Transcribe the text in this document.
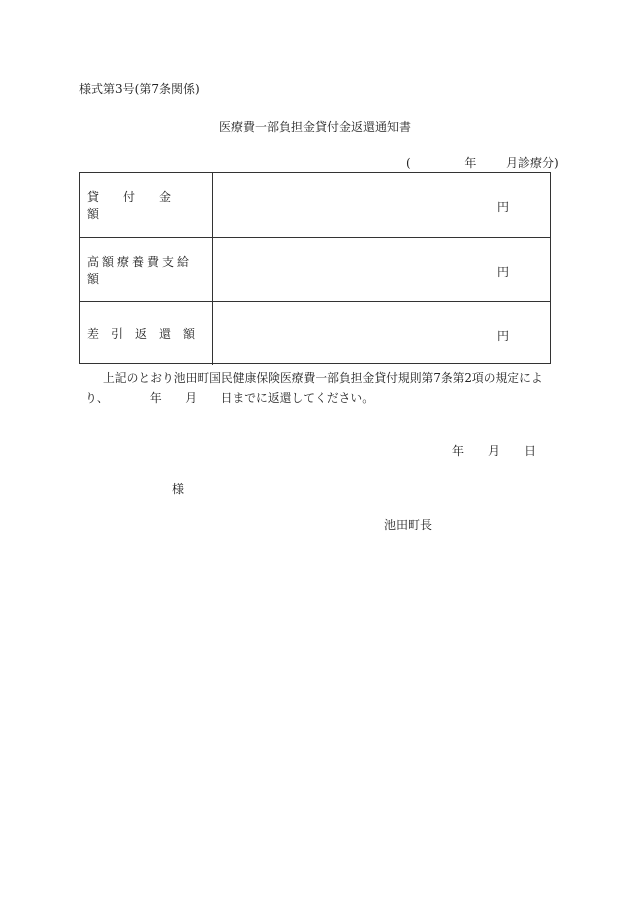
様式第3号(第7条関係)
医療費一部負担金貸付金返還通知書
(	年 月診療分)
貸　　付　　金　　額	円
高額療養費支給額	円
差　引　返　還　額	円
上記のとおり池田町国民健康保険医療費一部負担金貸付規則第7条第2項の規定によ
り、　　　　年　　月　　日までに返還してください。
年　　月　　日
様
池田町長
